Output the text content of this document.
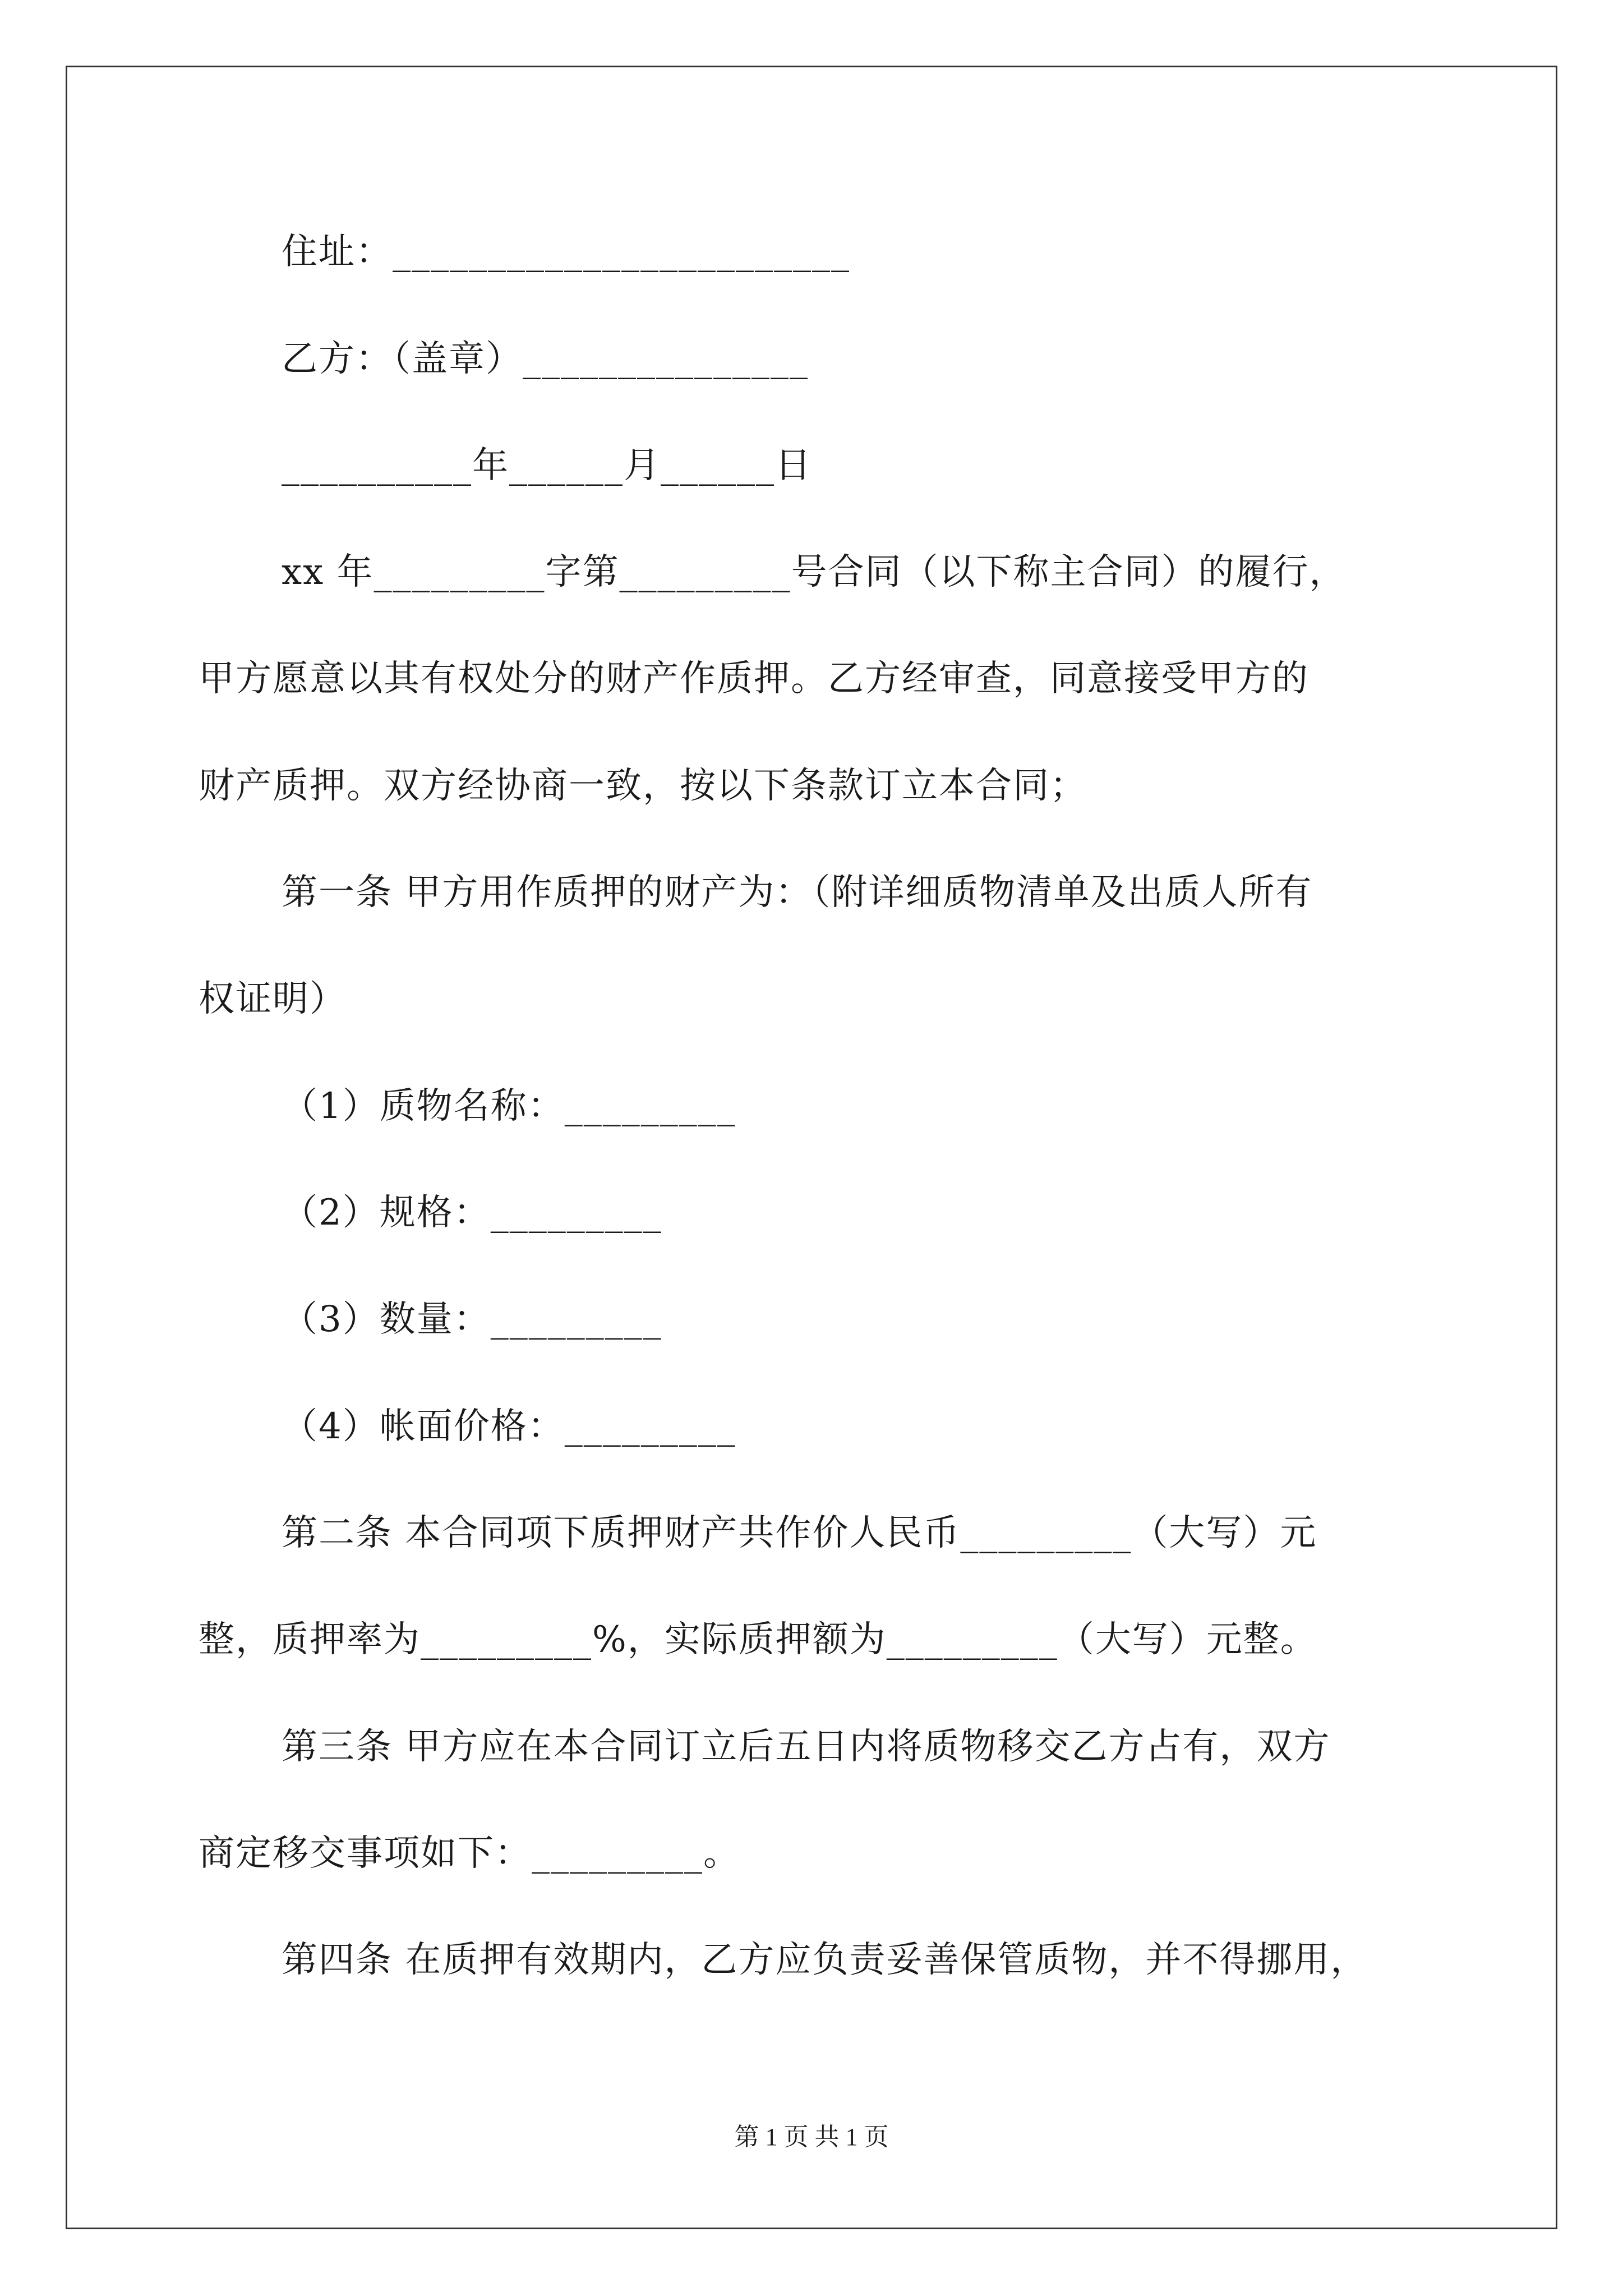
住址：________________________
乙方：（盖章）_______________
__________年______月______日
xx 年_________字第_________号合同（以下称主合同）的履行，
甲方愿意以其有权处分的财产作质押。乙方经审查，同意接受甲方的
财产质押。双方经协商一致，按以下条款订立本合同；
第一条 甲方用作质押的财产为：（附详细质物清单及出质人所有
权证明）
（1）质物名称：_________
（2）规格：_________
（3）数量：_________
（4）帐面价格：_________
第二条 本合同项下质押财产共作价人民币_________（大写）元
整，质押率为_________%，实际质押额为_________（大写）元整。
第三条 甲方应在本合同订立后五日内将质物移交乙方占有，双方
商定移交事项如下：_________。
第四条 在质押有效期内，乙方应负责妥善保管质物，并不得挪用，
第 1 页 共 1 页
